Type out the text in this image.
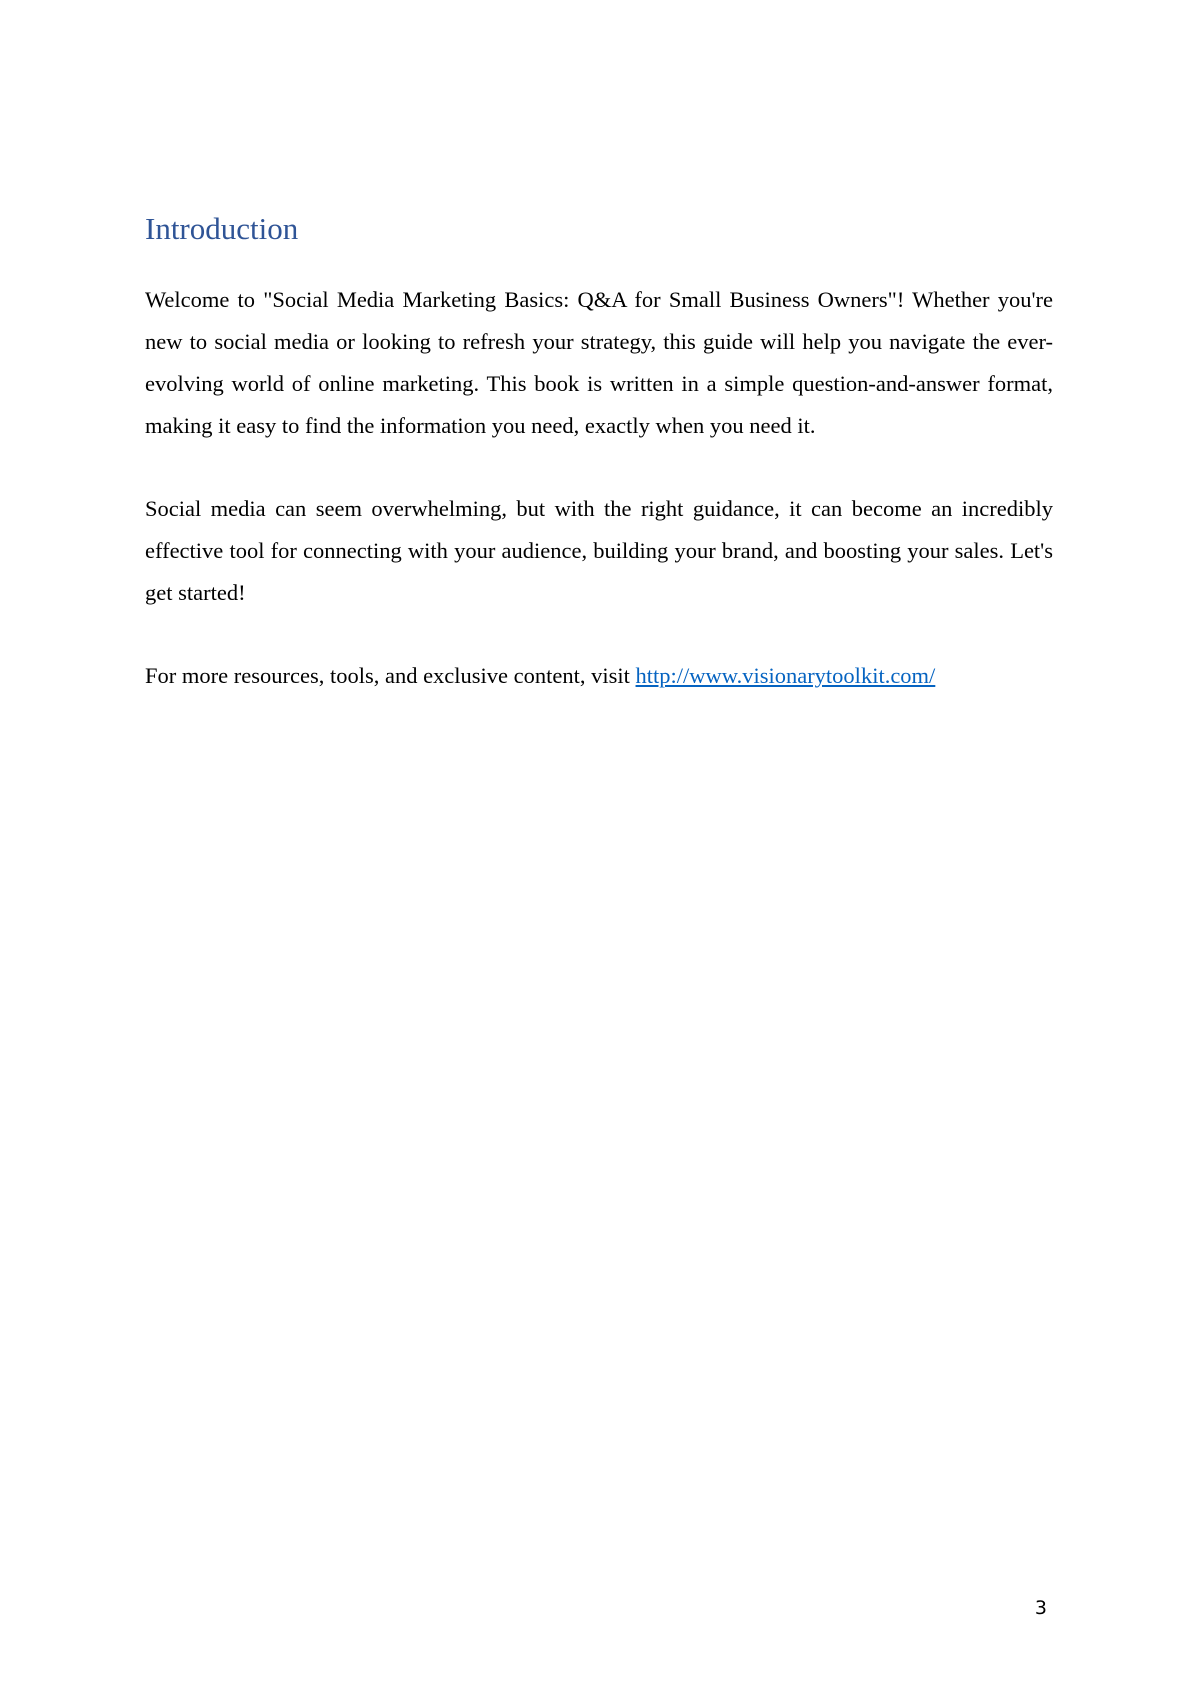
Introduction

Welcome to "Social Media Marketing Basics: Q&A for Small Business Owners"! Whether you're new to social media or looking to refresh your strategy, this guide will help you navigate the ever-evolving world of online marketing. This book is written in a simple question-and-answer format, making it easy to find the information you need, exactly when you need it.

Social media can seem overwhelming, but with the right guidance, it can become an incredibly effective tool for connecting with your audience, building your brand, and boosting your sales. Let's get started!

For more resources, tools, and exclusive content, visit http://www.visionarytoolkit.com/

3
